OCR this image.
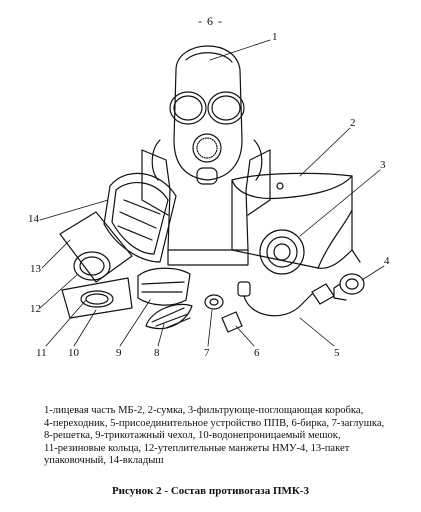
- 6 -
1
2
3
4
5
6
7
8
9
10
11
12
13
14
1-лицевая часть МБ-2, 2-сумка, 3-фильтрующе-поглощающая коробка,
4-переходник, 5-присоединительное устройство ППВ, 6-бирка, 7-заглушка,
8-решетка, 9-трикотажный чехол, 10-водонепроницаемый мешок,
11-резиновые кольца, 12-утеплительные манжеты НМУ-4, 13-пакет
упаковочный, 14-вкладыш
Рисунок 2 - Состав противогаза ПМК-3
